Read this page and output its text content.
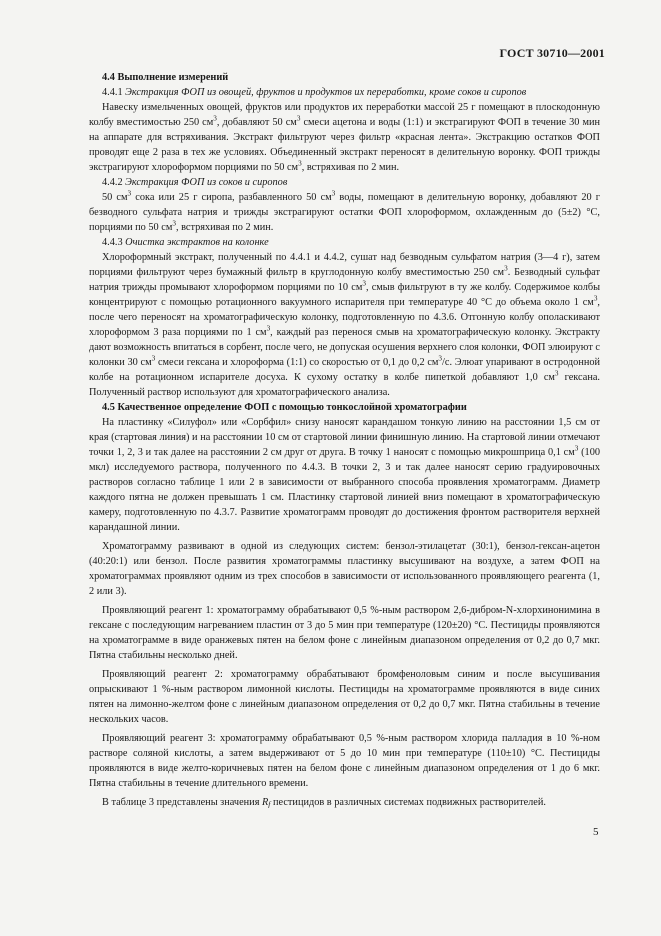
ГОСТ 30710—2001

4.4 Выполнение измерений

4.4.1 Экстракция ФОП из овощей, фруктов и продуктов их переработки, кроме соков и сиропов

Навеску измельченных овощей, фруктов или продуктов их переработки массой 25 г помещают в плоскодонную колбу вместимостью 250 $см^3$, добавляют 50 $см^3$ смеси ацетона и воды (1:1) и экстрагируют ФОП в течение 30 мин на аппарате для встряхивания. Экстракт фильтруют через фильтр «красная лента». Экстракцию остатков ФОП проводят еще 2 раза в тех же условиях. Объединенный экстракт переносят в делительную воронку. ФОП трижды экстрагируют хлороформом порциями по 50 $см^3$, встряхивая по 2 мин.

4.4.2 Экстракция ФОП из соков и сиропов

50 $см^3$ сока или 25 г сиропа, разбавленного 50 $см^3$ воды, помещают в делительную воронку, добавляют 20 г безводного сульфата натрия и трижды экстрагируют остатки ФОП хлороформом, охлажденным до (5±2) °С, порциями по 50 $см^3$, встряхивая по 2 мин.

4.4.3 Очистка экстрактов на колонке

Хлороформный экстракт, полученный по 4.4.1 и 4.4.2, сушат над безводным сульфатом натрия (3—4 г), затем порциями фильтруют через бумажный фильтр в круглодонную колбу вместимостью 250 $см^3$. Безводный сульфат натрия трижды промывают хлороформом порциями по 10 $см^3$, смыв фильтруют в ту же колбу. Содержимое колбы концентрируют с помощью ротационного вакуумного испарителя при температуре 40 °С до объема около 1 $см^3$, после чего переносят на хроматографическую колонку, подготовленную по 4.3.6. Отгонную колбу ополаскивают хлороформом 3 раза порциями по 1 $см^3$, каждый раз перенося смыв на хроматографическую колонку. Экстракту дают возможность впитаться в сорбент, после чего, не допуская осушения верхнего слоя колонки, ФОП элюируют с колонки 30 $см^3$ смеси гексана и хлороформа (1:1) со скоростью от 0,1 до 0,2 $см^3/с$. Элюат упаривают в остродонной колбе на ротационном испарителе досуха. К сухому остатку в колбе пипеткой добавляют 1,0 $см^3$ гексана. Полученный раствор используют для хроматографического анализа.

4.5 Качественное определение ФОП с помощью тонкослойной хроматографии

На пластинку «Силуфол» или «Сорбфил» снизу наносят карандашом тонкую линию на расстоянии 1,5 см от края (стартовая линия) и на расстоянии 10 см от стартовой линии финишную линию. На стартовой линии отмечают точки 1, 2, 3 и так далее на расстоянии 2 см друг от друга. В точку 1 наносят с помощью микрошприца 0,1 $см^3$ (100 мкл) исследуемого раствора, полученного по 4.4.3. В точки 2, 3 и так далее наносят серию градуировочных растворов согласно таблице 1 или 2 в зависимости от выбранного способа проявления хроматограмм. Диаметр каждого пятна не должен превышать 1 см. Пластинку стартовой линией вниз помещают в хроматографическую камеру, подготовленную по 4.3.7. Развитие хроматограмм проводят до достижения фронтом растворителя верхней карандашной линии.

Хроматограмму развивают в одной из следующих систем: бензол-этилацетат (30:1), бензол-гексан-ацетон (40:20:1) или бензол. После развития хроматограммы пластинку высушивают на воздухе, а затем ФОП на хроматограммах проявляют одним из трех способов в зависимости от использованного проявляющего реагента (1, 2 или 3).

Проявляющий реагент 1: хроматограмму обрабатывают 0,5 %-ным раствором 2,6-дибром-N-хлорхинонимина в гексане с последующим нагреванием пластин от 3 до 5 мин при температуре (120±20) °С. Пестициды проявляются на хроматограмме в виде оранжевых пятен на белом фоне с линейным диапазоном определения от 0,2 до 0,7 мкг. Пятна стабильны несколько дней.

Проявляющий реагент 2: хроматограмму обрабатывают бромфеноловым синим и после высушивания опрыскивают 1 %-ным раствором лимонной кислоты. Пестициды на хроматограмме проявляются в виде синих пятен на лимонно-желтом фоне с линейным диапазоном определения от 0,2 до 0,7 мкг. Пятна стабильны в течение нескольких часов.

Проявляющий реагент 3: хроматограмму обрабатывают 0,5 %-ным раствором хлорида палладия в 10 %-ном растворе соляной кислоты, а затем выдерживают от 5 до 10 мин при температуре (110±10) °С. Пестициды проявляются в виде желто-коричневых пятен на белом фоне с линейным диапазоном определения от 1 до 6 мкг. Пятна стабильны в течение длительного времени.

В таблице 3 представлены значения Rf пестицидов в различных системах подвижных растворителей.

5
